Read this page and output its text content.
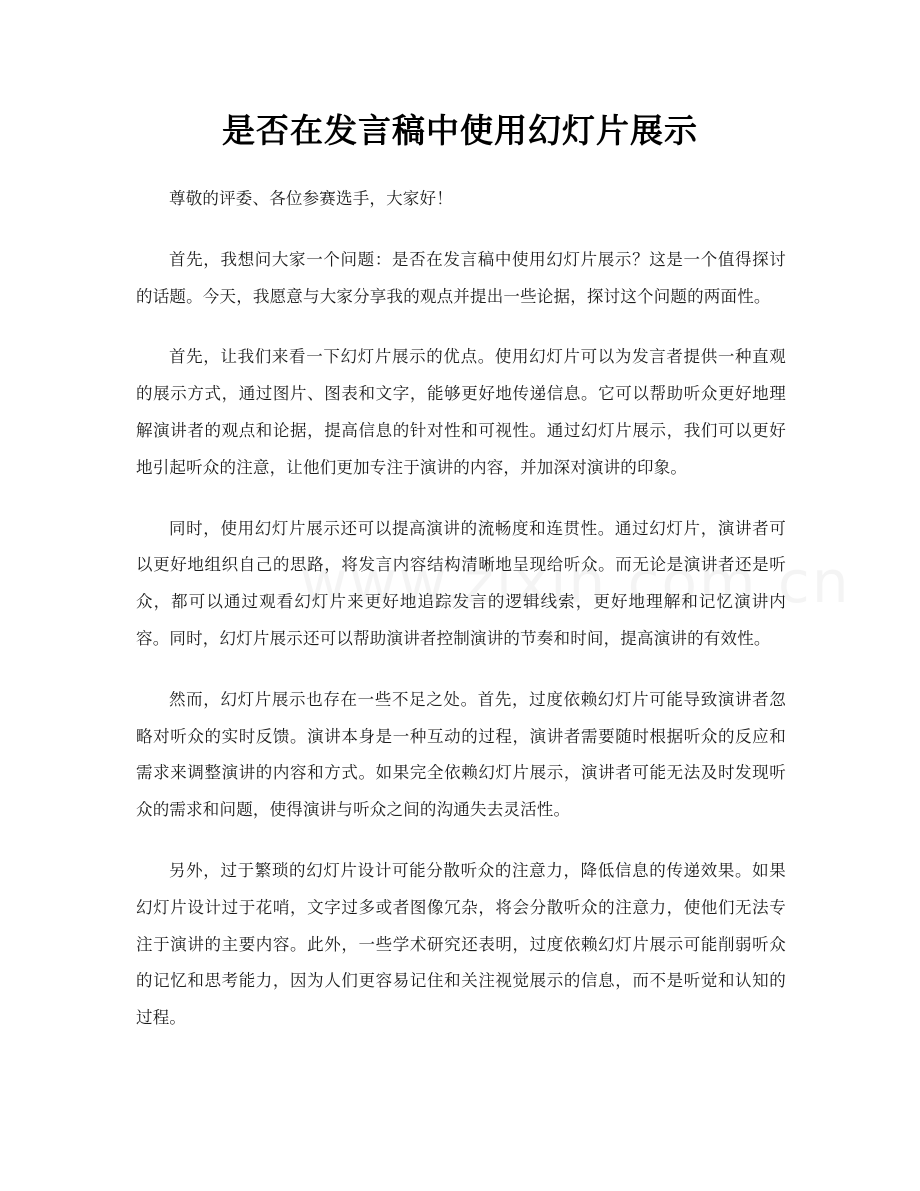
是否在发言稿中使用幻灯片展示

尊敬的评委、各位参赛选手，大家好！

首先，我想问大家一个问题：是否在发言稿中使用幻灯片展示？这是一个值得探讨的话题。今天，我愿意与大家分享我的观点并提出一些论据，探讨这个问题的两面性。

首先，让我们来看一下幻灯片展示的优点。使用幻灯片可以为发言者提供一种直观的展示方式，通过图片、图表和文字，能够更好地传递信息。它可以帮助听众更好地理解演讲者的观点和论据，提高信息的针对性和可视性。通过幻灯片展示，我们可以更好地引起听众的注意，让他们更加专注于演讲的内容，并加深对演讲的印象。

同时，使用幻灯片展示还可以提高演讲的流畅度和连贯性。通过幻灯片，演讲者可以更好地组织自己的思路，将发言内容结构清晰地呈现给听众。而无论是演讲者还是听众，都可以通过观看幻灯片来更好地追踪发言的逻辑线索，更好地理解和记忆演讲内容。同时，幻灯片展示还可以帮助演讲者控制演讲的节奏和时间，提高演讲的有效性。

然而，幻灯片展示也存在一些不足之处。首先，过度依赖幻灯片可能导致演讲者忽略对听众的实时反馈。演讲本身是一种互动的过程，演讲者需要随时根据听众的反应和需求来调整演讲的内容和方式。如果完全依赖幻灯片展示，演讲者可能无法及时发现听众的需求和问题，使得演讲与听众之间的沟通失去灵活性。

另外，过于繁琐的幻灯片设计可能分散听众的注意力，降低信息的传递效果。如果幻灯片设计过于花哨，文字过多或者图像冗杂，将会分散听众的注意力，使他们无法专注于演讲的主要内容。此外，一些学术研究还表明，过度依赖幻灯片展示可能削弱听众的记忆和思考能力，因为人们更容易记住和关注视觉展示的信息，而不是听觉和认知的过程。
